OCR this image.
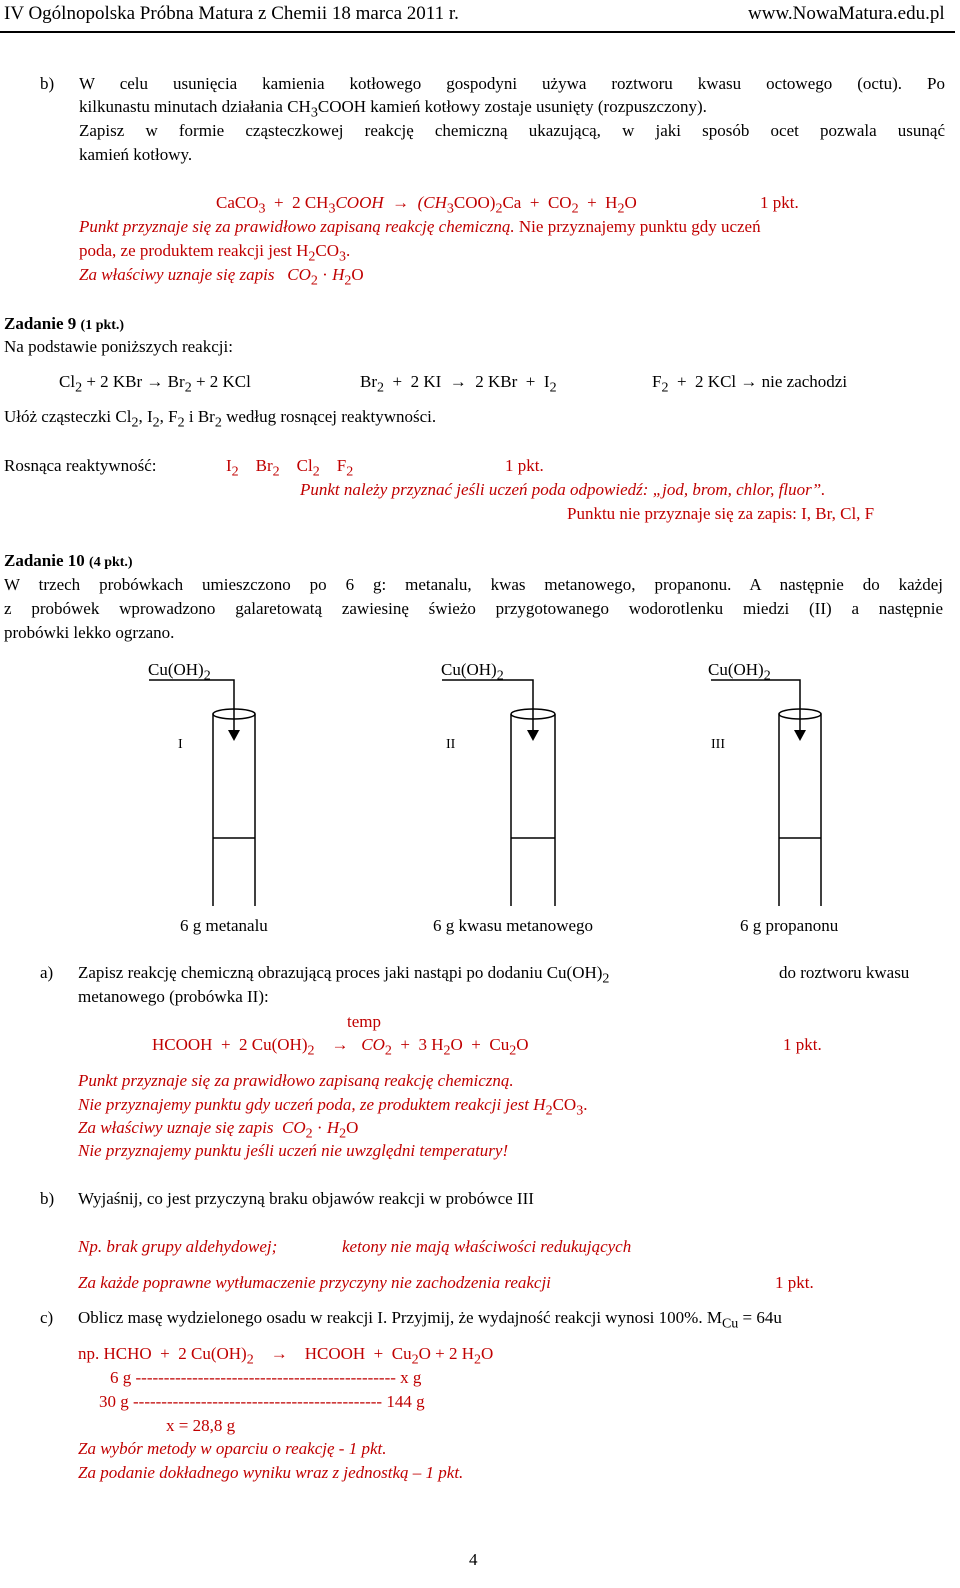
IV Ogólnopolska Próbna Matura z Chemii 18 marca 2011 r.	www.NowaMatura.edu.pl
b) W celu usunięcia kamienia kotłowego gospodyni używa roztworu kwasu octowego (octu). Po
kilkunastu minutach działania $CH_3COOH$ kamień kotłowy zostaje usunięty (rozpuszczony).
Zapisz w formie cząsteczkowej reakcję chemiczną ukazującą, w jaki sposób ocet pozwala usunąć
kamień kotłowy.
CaCO$_3$  +  2 $CH_3COOH \to (CH_3COO)_2Ca + CO_2 + H_2O$	1 pkt.
Punkt przyznaje się za prawidłowo zapisaną reakcję chemiczną. Nie przyznajemy punktu gdy uczeń
poda, ze produktem reakcji jest $H_2CO_3$.
Za właściwy uznaje się zapis $CO_2 \cdot H_2O$
Zadanie 9 (1 pkt.)
Na podstawie poniższych reakcji:
$Cl_2 + 2$ KBr → $Br_2 + 2$ KCl	$Br_2 + 2$ KI  →  2 KBr  +  $I_2$	$F_2 + 2$ KCl → nie zachodzi
Ułóż cząsteczki $Cl_2$, $I_2$, $F_2$ i $Br_2$ według rosnącej reaktywności.
Rosnąca reaktywność:	$I_2$    $Br_2$    $Cl_2$    $F_2$	1 pkt.
Punkt należy przyznać jeśli uczeń poda odpowiedź: „jod, brom, chlor, fluor”.
Punktu nie przyznaje się za zapis: I, Br, Cl, F
Zadanie 10 (4 pkt.)
W trzech probówkach umieszczono po 6 g: metanalu, kwas metanowego, propanonu. A następnie do każdej
z probówek wprowadzono galaretowatą zawiesinę świeżo przygotowanego wodorotlenku miedzi (II) a następnie
probówki lekko ogrzano.
$Cu(OH)_2$	$Cu(OH)_2$	$Cu(OH)_2$
I	II	III
6 g metanalu	6 g kwasu metanowego	6 g propanonu
a) Zapisz reakcję chemiczną obrazującą proces jaki nastąpi po dodaniu $Cu(OH)_2$	do roztworu kwasu
metanowego (probówka II):
temp
HCOOH  +  2 $Cu(OH)_2$    →   $CO_2 + 3$ $H_2O + Cu_2O$	1 pkt.
Punkt przyznaje się za prawidłowo zapisaną reakcję chemiczną.
Nie przyznajemy punktu gdy uczeń poda, ze produktem reakcji jest $H_2CO_3$.
Za właściwy uznaje się zapis $CO_2 \cdot H_2O$
Nie przyznajemy punktu jeśli uczeń nie uwzględni temperatury!
b) Wyjaśnij, co jest przyczyną braku objawów reakcji w probówce III
Np. brak grupy aldehydowej;	ketony nie mają właściwości redukujących
Za każde poprawne wytłumaczenie przyczyny nie zachodzenia reakcji	1 pkt.
c) Oblicz masę wydzielonego osadu w reakcji I. Przyjmij, że wydajność reakcji wynosi 100%. $M_{Cu} = 64u$
np. HCHO  +  2 $Cu(OH)_2$    →    HCOOH  +  $Cu_2O + 2$ $H_2O$
6 g ---------------------------------------------- x g
30 g -------------------------------------------- 144 g
x = 28,8 g
Za wybór metody w oparciu o reakcję - 1 pkt.
Za podanie dokładnego wyniku wraz z jednostką – 1 pkt.
4
